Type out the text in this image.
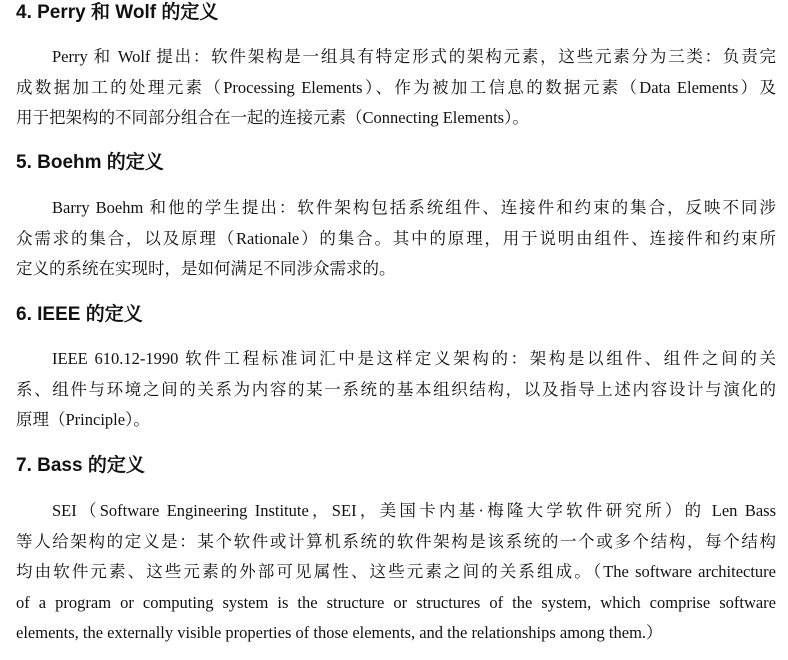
4. Perry 和 Wolf 的定义
Perry 和 Wolf 提出：软件架构是一组具有特定形式的架构元素，这些元素分为三类：负责完
成数据加工的处理元素（Processing Elements）、作为被加工信息的数据元素（Data Elements）及
用于把架构的不同部分组合在一起的连接元素（Connecting Elements）。
5. Boehm 的定义
Barry Boehm 和他的学生提出：软件架构包括系统组件、连接件和约束的集合，反映不同涉
众需求的集合，以及原理（Rationale）的集合。其中的原理，用于说明由组件、连接件和约束所
定义的系统在实现时，是如何满足不同涉众需求的。
6. IEEE 的定义
IEEE 610.12-1990 软件工程标准词汇中是这样定义架构的：架构是以组件、组件之间的关
系、组件与环境之间的关系为内容的某一系统的基本组织结构，以及指导上述内容设计与演化的
原理（Principle）。
7. Bass 的定义
SEI（Software Engineering Institute，SEI，美国卡内基·梅隆大学软件研究所）的 Len Bass
等人给架构的定义是：某个软件或计算机系统的软件架构是该系统的一个或多个结构，每个结构
均由软件元素、这些元素的外部可见属性、这些元素之间的关系组成。（The software architecture
of a program or computing system is the structure or structures of the system, which comprise software
elements, the externally visible properties of those elements, and the relationships among them.）
